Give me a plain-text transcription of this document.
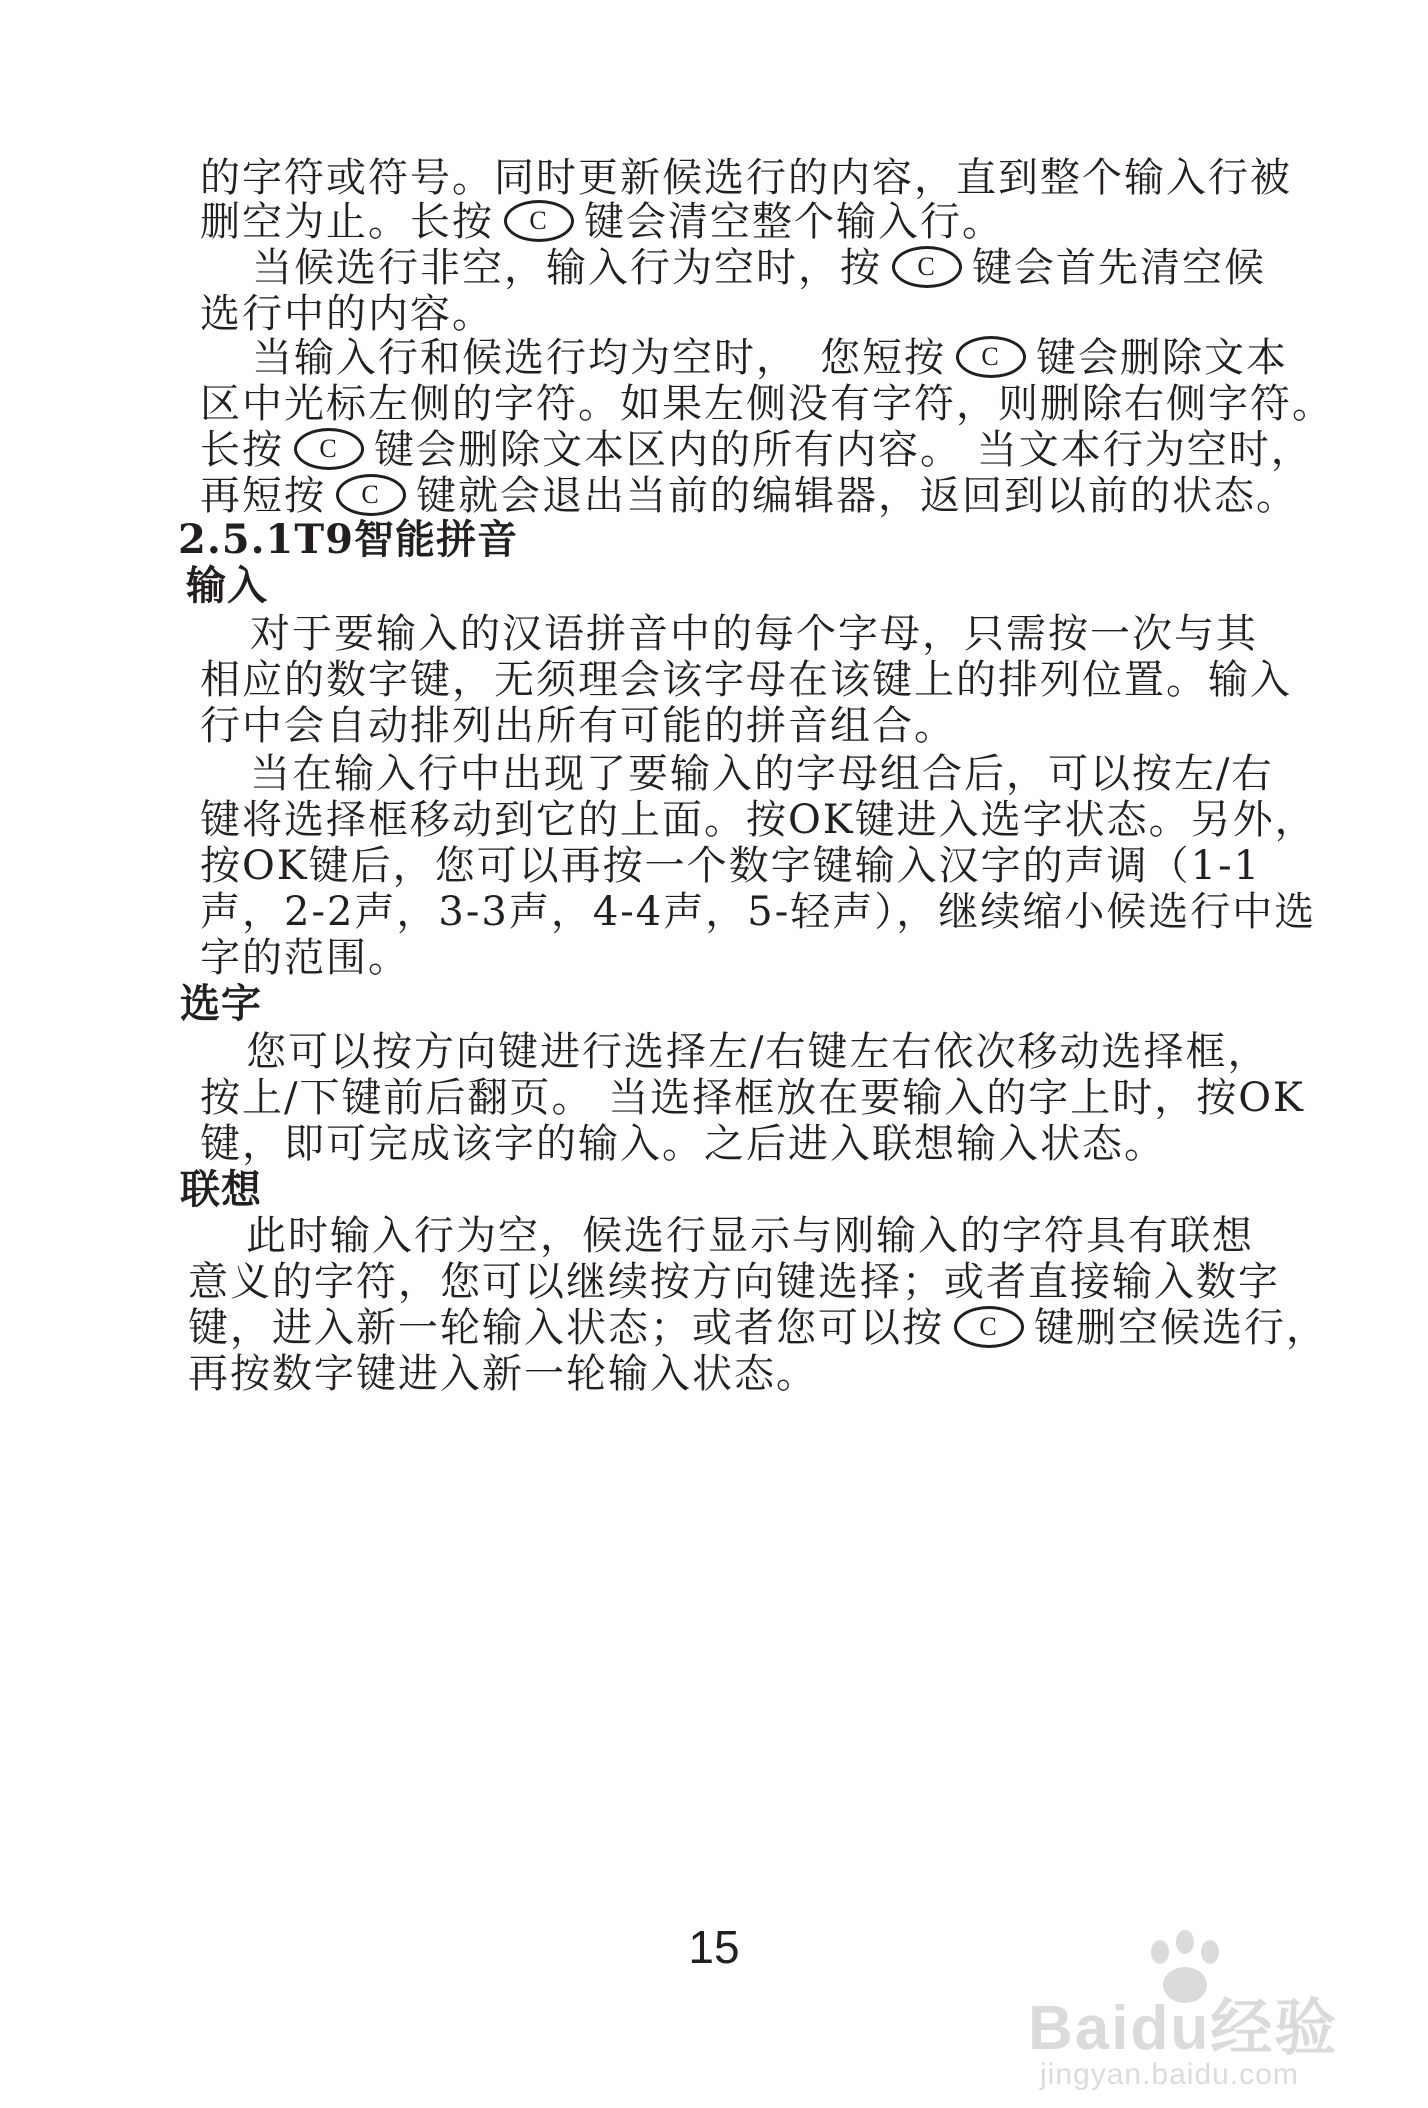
的字符或符号。同时更新候选行的内容，直到整个输入行被
删空为止。长按 C 键会清空整个输入行。
当候选行非空，输入行为空时，按 C 键会首先清空候
选行中的内容。
当输入行和候选行均为空时，　您短按 C 键会删除文本
区中光标左侧的字符。如果左侧没有字符，则删除右侧字符。
长按 C 键会删除文本区内的所有内容。 当文本行为空时，
再短按 C 键就会退出当前的编辑器，返回到以前的状态。
2.5.1T9智能拼音
输入
对于要输入的汉语拼音中的每个字母，只需按一次与其
相应的数字键，无须理会该字母在该键上的排列位置。输入
行中会自动排列出所有可能的拼音组合。
当在输入行中出现了要输入的字母组合后，可以按左/右
键将选择框移动到它的上面。按OK键进入选字状态。另外，
按OK键后，您可以再按一个数字键输入汉字的声调（1-1
声，2-2声，3-3声，4-4声，5-轻声），继续缩小候选行中选
字的范围。
选字
您可以按方向键进行选择左/右键左右依次移动选择框，
按上/下键前后翻页。 当选择框放在要输入的字上时，按OK
键，即可完成该字的输入。之后进入联想输入状态。
联想
此时输入行为空，候选行显示与刚输入的字符具有联想
意义的字符，您可以继续按方向键选择；或者直接输入数字
键，进入新一轮输入状态；或者您可以按 C 键删空候选行，
再按数字键进入新一轮输入状态。
15
Baidu经验
jingyan.baidu.com
